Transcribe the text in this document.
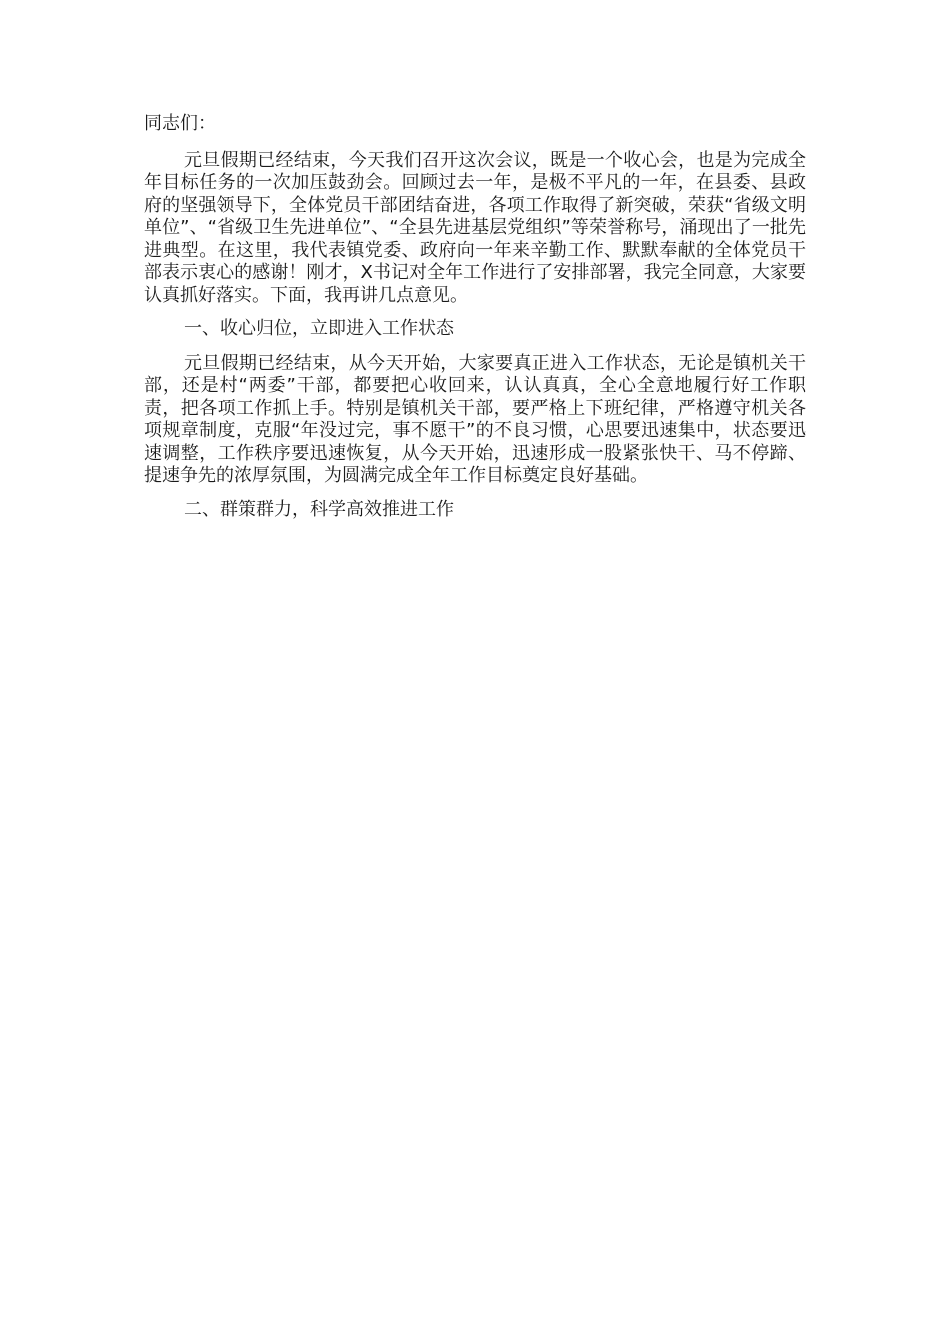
同志们：

元旦假期已经结束，今天我们召开这次会议，既是一个收心会，也是为完成全年目标任务的一次加压鼓劲会。回顾过去一年，是极不平凡的一年，在县委、县政府的坚强领导下，全体党员干部团结奋进，各项工作取得了新突破，荣获“省级文明单位”、“省级卫生先进单位”、“全县先进基层党组织”等荣誉称号，涌现出了一批先进典型。在这里，我代表镇党委、政府向一年来辛勤工作、默默奉献的全体党员干部表示衷心的感谢！刚才，X书记对全年工作进行了安排部署，我完全同意，大家要认真抓好落实。下面，我再讲几点意见。

一、收心归位，立即进入工作状态

元旦假期已经结束，从今天开始，大家要真正进入工作状态，无论是镇机关干部，还是村“两委”干部，都要把心收回来，认认真真，全心全意地履行好工作职责，把各项工作抓上手。特别是镇机关干部，要严格上下班纪律，严格遵守机关各项规章制度，克服“年没过完，事不愿干”的不良习惯，心思要迅速集中，状态要迅速调整，工作秩序要迅速恢复，从今天开始，迅速形成一股紧张快干、马不停蹄、提速争先的浓厚氛围，为圆满完成全年工作目标奠定良好基础。

二、群策群力，科学高效推进工作
